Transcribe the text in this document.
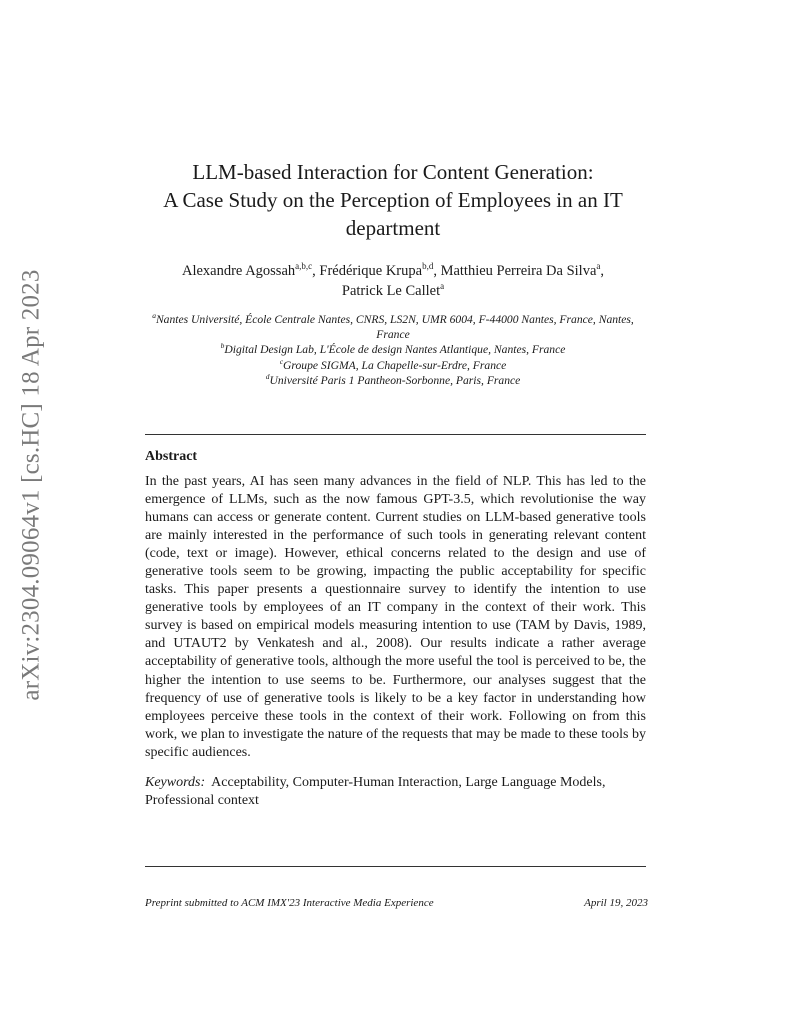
arXiv:2304.09064v1 [cs.HC] 18 Apr 2023
LLM-based Interaction for Content Generation:
A Case Study on the Perception of Employees in an IT
department
Alexandre Agossah$^{a,b,c}$, Frédérique Krupa$^{b,d}$, Matthieu Perreira Da Silva$^a$,
Patrick Le Callet$^a$
$^a$Nantes Université, École Centrale Nantes, CNRS, LS2N, UMR 6004, F-44000 Nantes, France, Nantes, France
$^b$Digital Design Lab, L'École de design Nantes Atlantique, Nantes, France
$^c$Groupe SIGMA, La Chapelle-sur-Erdre, France
$^d$Université Paris 1 Pantheon-Sorbonne, Paris, France
Abstract

In the past years, AI has seen many advances in the field of NLP. This has led to the emergence of LLMs, such as the now famous GPT-3.5, which revolutionise the way humans can access or generate content. Current studies on LLM-based generative tools are mainly interested in the performance of such tools in generating relevant content (code, text or image). However, ethical concerns related to the design and use of generative tools seem to be growing, impacting the public acceptability for specific tasks. This paper presents a questionnaire survey to identify the intention to use generative tools by employees of an IT company in the context of their work. This survey is based on empirical models measuring intention to use (TAM by Davis, 1989, and UTAUT2 by Venkatesh and al., 2008). Our results indicate a rather average acceptability of generative tools, although the more useful the tool is perceived to be, the higher the intention to use seems to be. Furthermore, our analyses suggest that the frequency of use of generative tools is likely to be a key factor in understanding how employees perceive these tools in the context of their work. Following on from this work, we plan to investigate the nature of the requests that may be made to these tools by specific audiences.

Keywords: Acceptability, Computer-Human Interaction, Large Language Models, Professional context

Preprint submitted to ACM IMX'23 Interactive Media Experience	April 19, 2023
